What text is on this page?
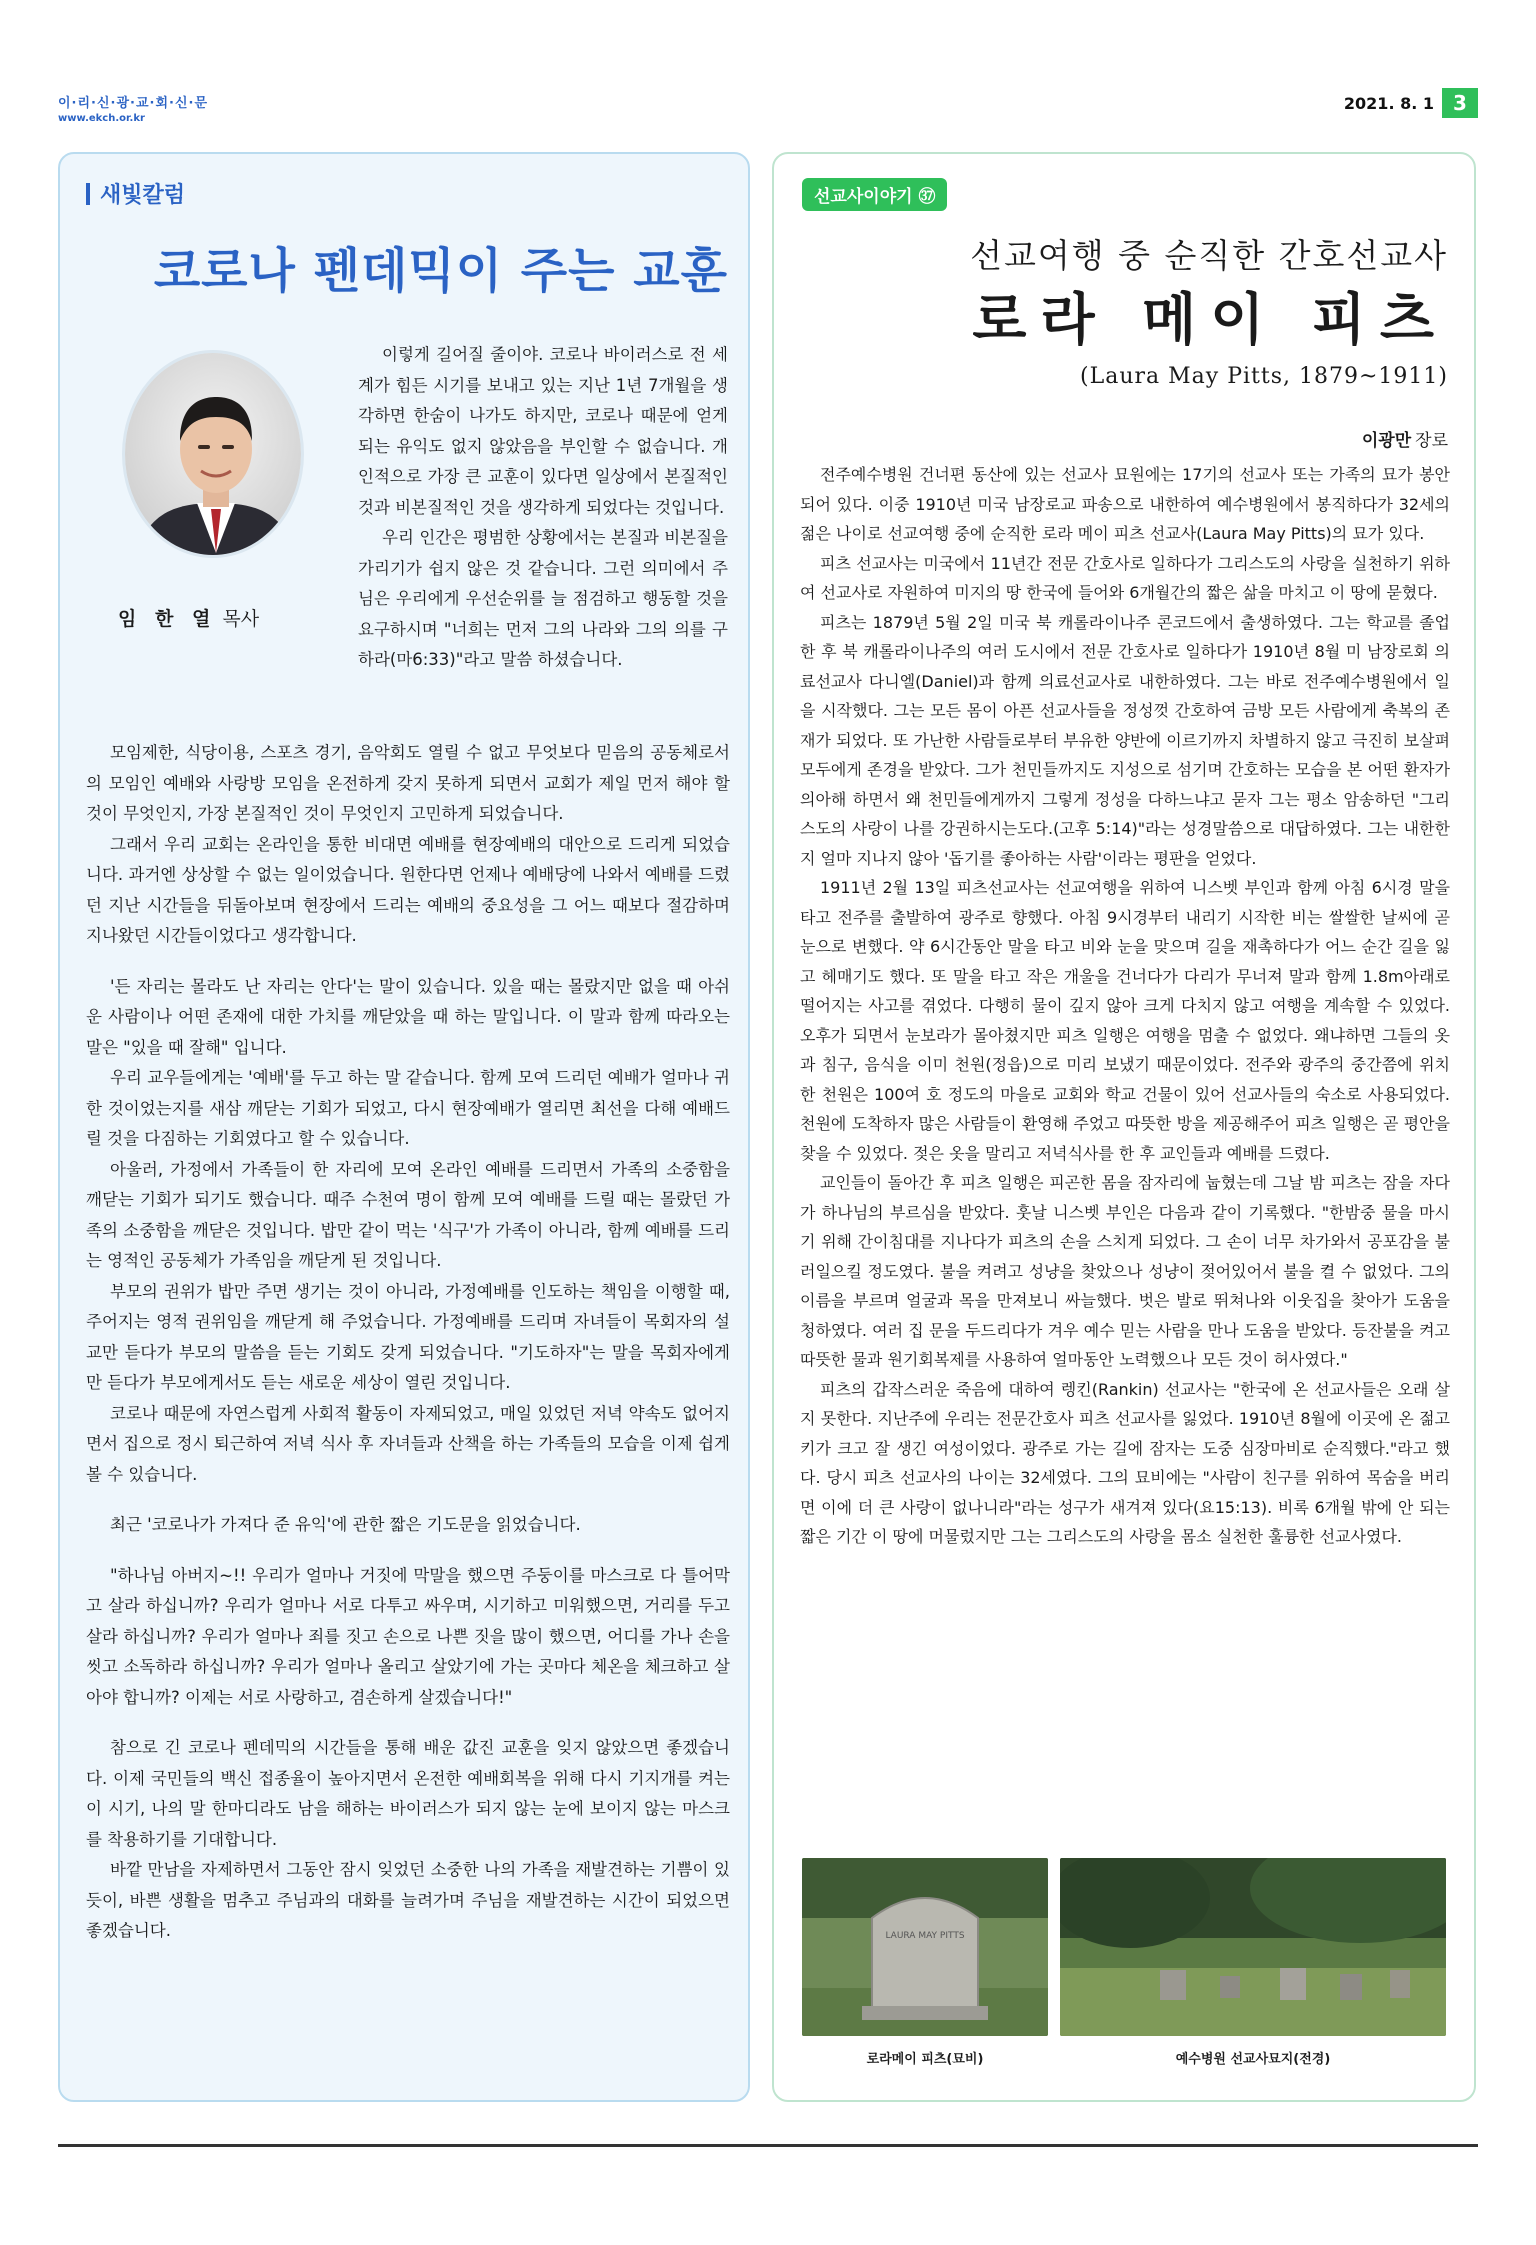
이·리·신·광·교·회·신·문
www.ekch.or.kr
2021. 8. 1 3
새빛칼럼
코로나 펜데믹이 주는 교훈
임 한 열 목사

이렇게 길어질 줄이야. 코로나 바이러스로 전 세계가 힘든 시기를 보내고 있는 지난 1년 7개월을 생각하면 한숨이 나가도 하지만, 코로나 때문에 얻게 되는 유익도 없지 않았음을 부인할 수 없습니다. 개인적으로 가장 큰 교훈이 있다면 일상에서 본질적인 것과 비본질적인 것을 생각하게 되었다는 것입니다.

우리 인간은 평범한 상황에서는 본질과 비본질을 가리기가 쉽지 않은 것 같습니다. 그런 의미에서 주님은 우리에게 우선순위를 늘 점검하고 행동할 것을 요구하시며 "너희는 먼저 그의 나라와 그의 의를 구하라(마6:33)"라고 말씀 하셨습니다.

모임제한, 식당이용, 스포츠 경기, 음악회도 열릴 수 없고 무엇보다 믿음의 공동체로서의 모임인 예배와 사랑방 모임을 온전하게 갖지 못하게 되면서 교회가 제일 먼저 해야 할 것이 무엇인지, 가장 본질적인 것이 무엇인지 고민하게 되었습니다.

그래서 우리 교회는 온라인을 통한 비대면 예배를 현장예배의 대안으로 드리게 되었습니다. 과거엔 상상할 수 없는 일이었습니다. 원한다면 언제나 예배당에 나와서 예배를 드렸던 지난 시간들을 뒤돌아보며 현장에서 드리는 예배의 중요성을 그 어느 때보다 절감하며 지나왔던 시간들이었다고 생각합니다.

'든 자리는 몰라도 난 자리는 안다'는 말이 있습니다. 있을 때는 몰랐지만 없을 때 아쉬운 사람이나 어떤 존재에 대한 가치를 깨닫았을 때 하는 말입니다. 이 말과 함께 따라오는 말은 "있을 때 잘해" 입니다.

우리 교우들에게는 '예배'를 두고 하는 말 같습니다. 함께 모여 드리던 예배가 얼마나 귀한 것이었는지를 새삼 깨닫는 기회가 되었고, 다시 현장예배가 열리면 최선을 다해 예배드릴 것을 다짐하는 기회였다고 할 수 있습니다.

아울러, 가정에서 가족들이 한 자리에 모여 온라인 예배를 드리면서 가족의 소중함을 깨닫는 기회가 되기도 했습니다. 때주 수천여 명이 함께 모여 예배를 드릴 때는 몰랐던 가족의 소중함을 깨닫은 것입니다. 밥만 같이 먹는 '식구'가 가족이 아니라, 함께 예배를 드리는 영적인 공동체가 가족임을 깨닫게 된 것입니다.

부모의 권위가 밥만 주면 생기는 것이 아니라, 가정예배를 인도하는 책임을 이행할 때, 주어지는 영적 권위임을 깨닫게 해 주었습니다. 가정예배를 드리며 자녀들이 목회자의 설교만 듣다가 부모의 말씀을 듣는 기회도 갖게 되었습니다. "기도하자"는 말을 목회자에게만 듣다가 부모에게서도 듣는 새로운 세상이 열린 것입니다.

코로나 때문에 자연스럽게 사회적 활동이 자제되었고, 매일 있었던 저녁 약속도 없어지면서 집으로 정시 퇴근하여 저녁 식사 후 자녀들과 산책을 하는 가족들의 모습을 이제 쉽게 볼 수 있습니다.

최근 '코로나가 가져다 준 유익'에 관한 짧은 기도문을 읽었습니다.

"하나님 아버지~!! 우리가 얼마나 거짓에 막말을 했으면 주둥이를 마스크로 다 틀어막고 살라 하십니까? 우리가 얼마나 서로 다투고 싸우며, 시기하고 미워했으면, 거리를 두고 살라 하십니까? 우리가 얼마나 죄를 짓고 손으로 나쁜 짓을 많이 했으면, 어디를 가나 손을 씻고 소독하라 하십니까? 우리가 얼마나 올리고 살았기에 가는 곳마다 체온을 체크하고 살아야 합니까? 이제는 서로 사랑하고, 겸손하게 살겠습니다!"

참으로 긴 코로나 펜데믹의 시간들을 통해 배운 값진 교훈을 잊지 않았으면 좋겠습니다. 이제 국민들의 백신 접종율이 높아지면서 온전한 예배회복을 위해 다시 기지개를 켜는 이 시기, 나의 말 한마디라도 남을 해하는 바이러스가 되지 않는 눈에 보이지 않는 마스크를 착용하기를 기대합니다.

바깥 만남을 자제하면서 그동안 잠시 잊었던 소중한 나의 가족을 재발견하는 기쁨이 있듯이, 바쁜 생활을 멈추고 주님과의 대화를 늘려가며 주님을 재발견하는 시간이 되었으면 좋겠습니다.

선교사이야기 ㊲
선교여행 중 순직한 간호선교사
로라 메이 피츠
(Laura May Pitts, 1879~1911)
이광만 장로

전주예수병원 건너편 동산에 있는 선교사 묘원에는 17기의 선교사 또는 가족의 묘가 봉안되어 있다. 이중 1910년 미국 남장로교 파송으로 내한하여 예수병원에서 봉직하다가 32세의 젊은 나이로 선교여행 중에 순직한 로라 메이 피츠 선교사(Laura May Pitts)의 묘가 있다.

피츠 선교사는 미국에서 11년간 전문 간호사로 일하다가 그리스도의 사랑을 실천하기 위하여 선교사로 자원하여 미지의 땅 한국에 들어와 6개월간의 짧은 삶을 마치고 이 땅에 묻혔다.

피츠는 1879년 5월 2일 미국 북 캐롤라이나주 콘코드에서 출생하였다. 그는 학교를 졸업한 후 북 캐롤라이나주의 여러 도시에서 전문 간호사로 일하다가 1910년 8월 미 남장로회 의료선교사 다니엘(Daniel)과 함께 의료선교사로 내한하였다. 그는 바로 전주예수병원에서 일을 시작했다. 그는 모든 몸이 아픈 선교사들을 정성껏 간호하여 금방 모든 사람에게 축복의 존재가 되었다. 또 가난한 사람들로부터 부유한 양반에 이르기까지 차별하지 않고 극진히 보살펴 모두에게 존경을 받았다. 그가 천민들까지도 지성으로 섬기며 간호하는 모습을 본 어떤 환자가 의아해 하면서 왜 천민들에게까지 그렇게 정성을 다하느냐고 묻자 그는 평소 암송하던 "그리스도의 사랑이 나를 강권하시는도다.(고후 5:14)"라는 성경말씀으로 대답하였다. 그는 내한한지 얼마 지나지 않아 '돕기를 좋아하는 사람'이라는 평판을 얻었다.

1911년 2월 13일 피츠선교사는 선교여행을 위하여 니스벳 부인과 함께 아침 6시경 말을 타고 전주를 출발하여 광주로 향했다. 아침 9시경부터 내리기 시작한 비는 쌀쌀한 날씨에 곧 눈으로 변했다. 약 6시간동안 말을 타고 비와 눈을 맞으며 길을 재촉하다가 어느 순간 길을 잃고 헤매기도 했다. 또 말을 타고 작은 개울을 건너다가 다리가 무너져 말과 함께 1.8m아래로 떨어지는 사고를 겪었다. 다행히 물이 깊지 않아 크게 다치지 않고 여행을 계속할 수 있었다. 오후가 되면서 눈보라가 몰아쳤지만 피츠 일행은 여행을 멈출 수 없었다. 왜냐하면 그들의 옷과 침구, 음식을 이미 천원(정읍)으로 미리 보냈기 때문이었다. 전주와 광주의 중간쯤에 위치한 천원은 100여 호 정도의 마을로 교회와 학교 건물이 있어 선교사들의 숙소로 사용되었다. 천원에 도착하자 많은 사람들이 환영해 주었고 따뜻한 방을 제공해주어 피츠 일행은 곧 평안을 찾을 수 있었다. 젖은 옷을 말리고 저녁식사를 한 후 교인들과 예배를 드렸다.

교인들이 돌아간 후 피츠 일행은 피곤한 몸을 잠자리에 눕혔는데 그날 밤 피츠는 잠을 자다가 하나님의 부르심을 받았다. 훗날 니스벳 부인은 다음과 같이 기록했다. "한밤중 물을 마시기 위해 간이침대를 지나다가 피츠의 손을 스치게 되었다. 그 손이 너무 차가와서 공포감을 불러일으킬 정도였다. 불을 켜려고 성냥을 찾았으나 성냥이 젖어있어서 불을 켤 수 없었다. 그의 이름을 부르며 얼굴과 목을 만져보니 싸늘했다. 벗은 발로 뛰쳐나와 이웃집을 찾아가 도움을 청하였다. 여러 집 문을 두드리다가 겨우 예수 믿는 사람을 만나 도움을 받았다. 등잔불을 켜고 따뜻한 물과 원기회복제를 사용하여 얼마동안 노력했으나 모든 것이 허사였다."

피츠의 갑작스러운 죽음에 대하여 렝킨(Rankin) 선교사는 "한국에 온 선교사들은 오래 살지 못한다. 지난주에 우리는 전문간호사 피츠 선교사를 잃었다. 1910년 8월에 이곳에 온 젊고 키가 크고 잘 생긴 여성이었다. 광주로 가는 길에 잠자는 도중 심장마비로 순직했다."라고 했다. 당시 피츠 선교사의 나이는 32세였다. 그의 묘비에는 "사람이 친구를 위하여 목숨을 버리면 이에 더 큰 사랑이 없나니라"라는 성구가 새겨져 있다(요15:13). 비록 6개월 밖에 안 되는 짧은 기간 이 땅에 머물렀지만 그는 그리스도의 사랑을 몸소 실천한 훌륭한 선교사였다.

LAURA MAY PITTS
로라메이 피츠(묘비)	예수병원 선교사묘지(전경)
